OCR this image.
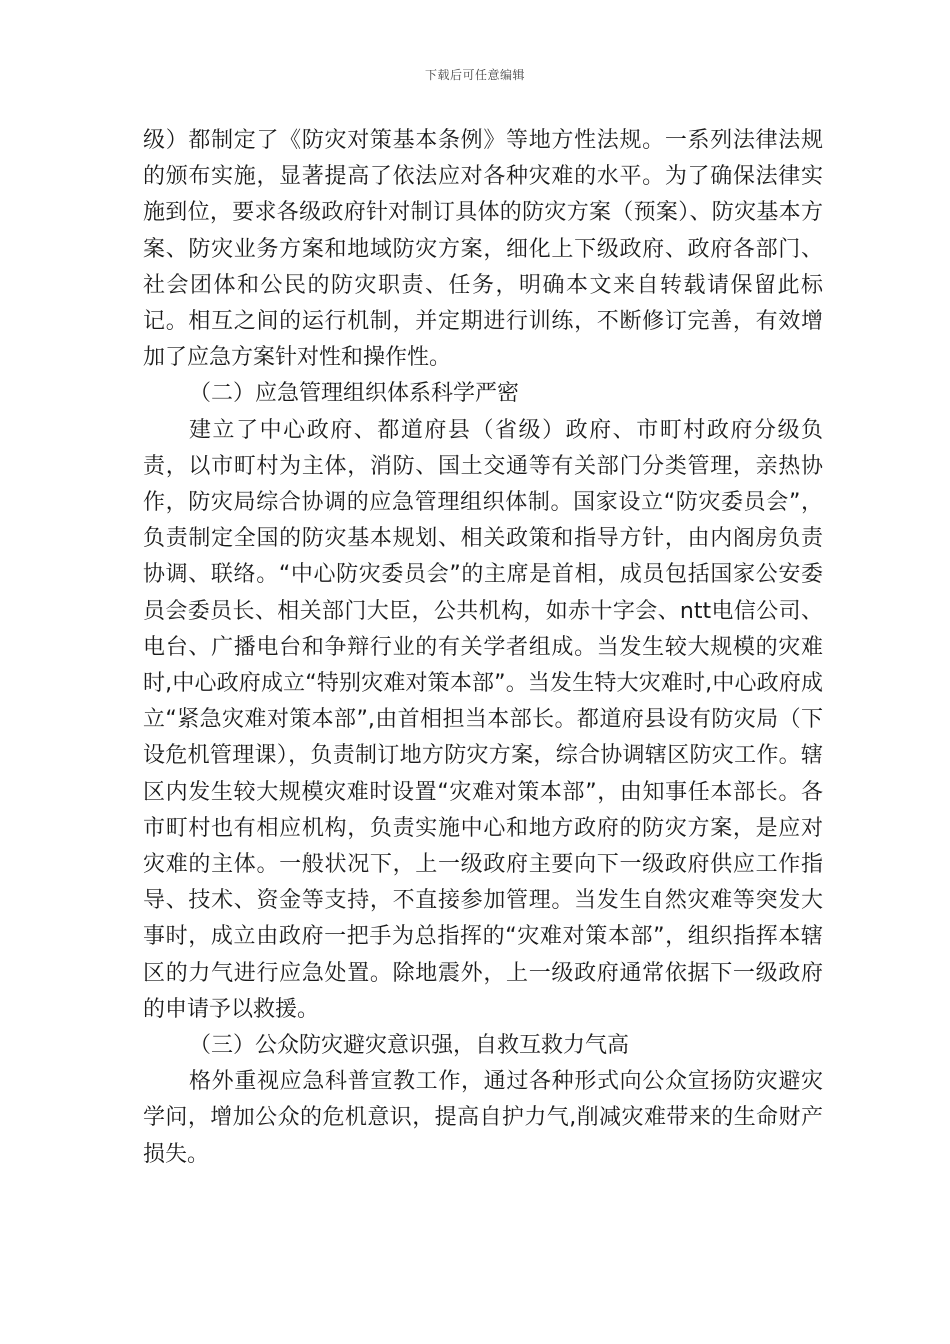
下载后可任意编辑

级）都制定了《防灾对策基本条例》等地方性法规。一系列法律法规的颁布实施，显著提高了依法应对各种灾难的水平。为了确保法律实施到位，要求各级政府针对制订具体的防灾方案（预案）、防灾基本方案、防灾业务方案和地域防灾方案，细化上下级政府、政府各部门、社会团体和公民的防灾职责、任务，明确本文来自转载请保留此标记。相互之间的运行机制，并定期进行训练，不断修订完善，有效增加了应急方案针对性和操作性。

（二）应急管理组织体系科学严密

建立了中心政府、都道府县（省级）政府、市町村政府分级负责，以市町村为主体，消防、国土交通等有关部门分类管理，亲热协作，防灾局综合协调的应急管理组织体制。国家设立“防灾委员会”，负责制定全国的防灾基本规划、相关政策和指导方针，由内阁房负责协调、联络。“中心防灾委员会”的主席是首相，成员包括国家公安委员会委员长、相关部门大臣，公共机构，如赤十字会、ntt电信公司、电台、广播电台和争辩行业的有关学者组成。当发生较大规模的灾难时,中心政府成立“特别灾难对策本部”。当发生特大灾难时,中心政府成立“紧急灾难对策本部”,由首相担当本部长。都道府县设有防灾局（下设危机管理课），负责制订地方防灾方案，综合协调辖区防灾工作。辖区内发生较大规模灾难时设置“灾难对策本部”，由知事任本部长。各市町村也有相应机构，负责实施中心和地方政府的防灾方案，是应对灾难的主体。一般状况下，上一级政府主要向下一级政府供应工作指导、技术、资金等支持，不直接参加管理。当发生自然灾难等突发大事时，成立由政府一把手为总指挥的“灾难对策本部”，组织指挥本辖区的力气进行应急处置。除地震外，上一级政府通常依据下一级政府的申请予以救援。

（三）公众防灾避灾意识强，自救互救力气高

格外重视应急科普宣教工作，通过各种形式向公众宣扬防灾避灾学问，增加公众的危机意识，提高自护力气,削减灾难带来的生命财产损失。
